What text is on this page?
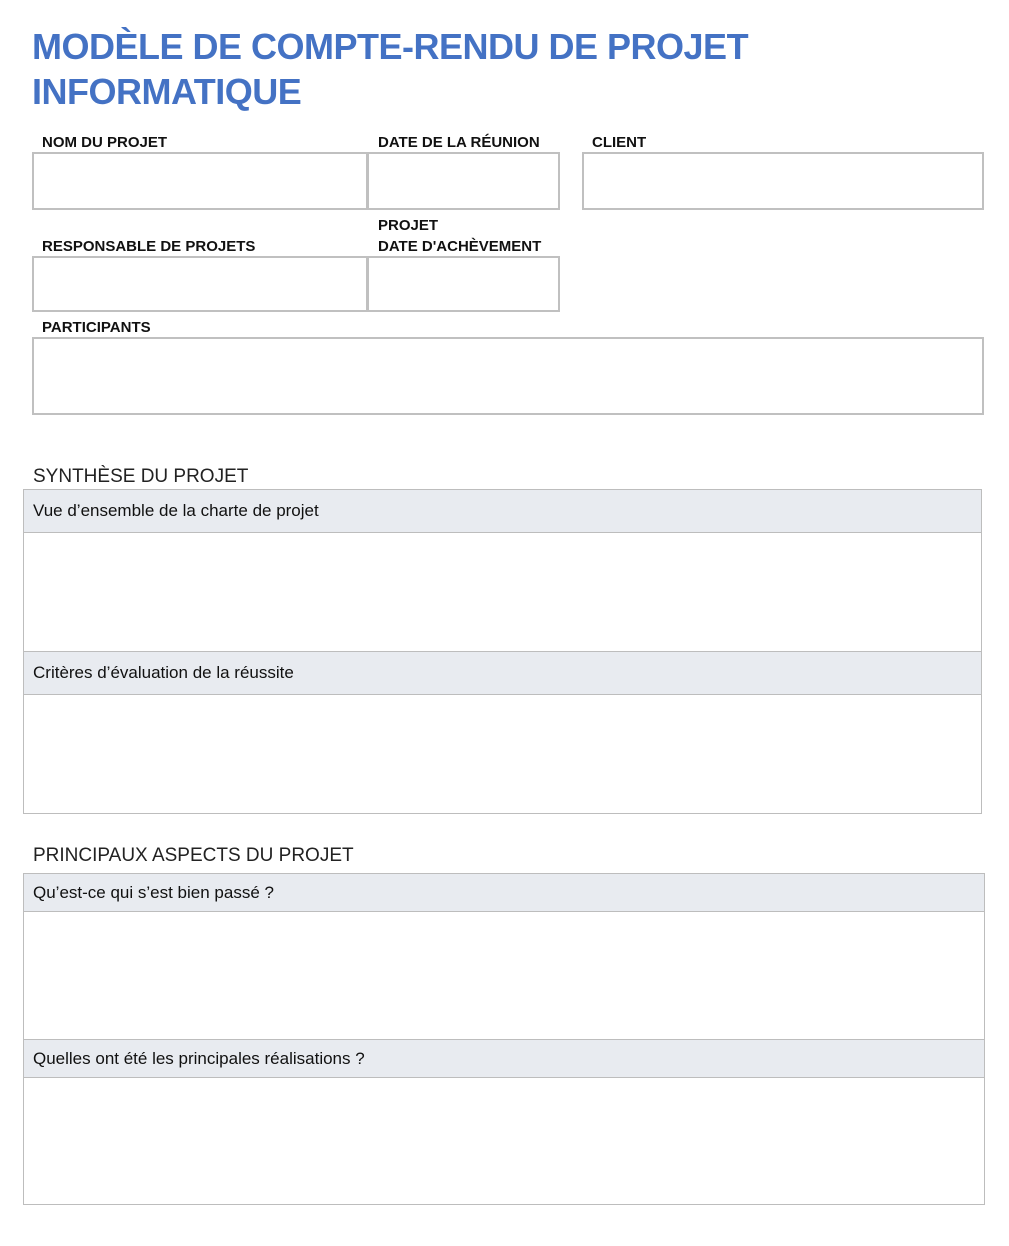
MODÈLE DE COMPTE-RENDU DE PROJET INFORMATIQUE
NOM DU PROJET	DATE DE LA RÉUNION	CLIENT
RESPONSABLE DE PROJETS
PROJET
DATE D'ACHÈVEMENT
PARTICIPANTS
SYNTHÈSE DU PROJET
Vue d’ensemble de la charte de projet
Critères d’évaluation de la réussite
PRINCIPAUX ASPECTS DU PROJET
Qu’est-ce qui s’est bien passé ?
Quelles ont été les principales réalisations ?
